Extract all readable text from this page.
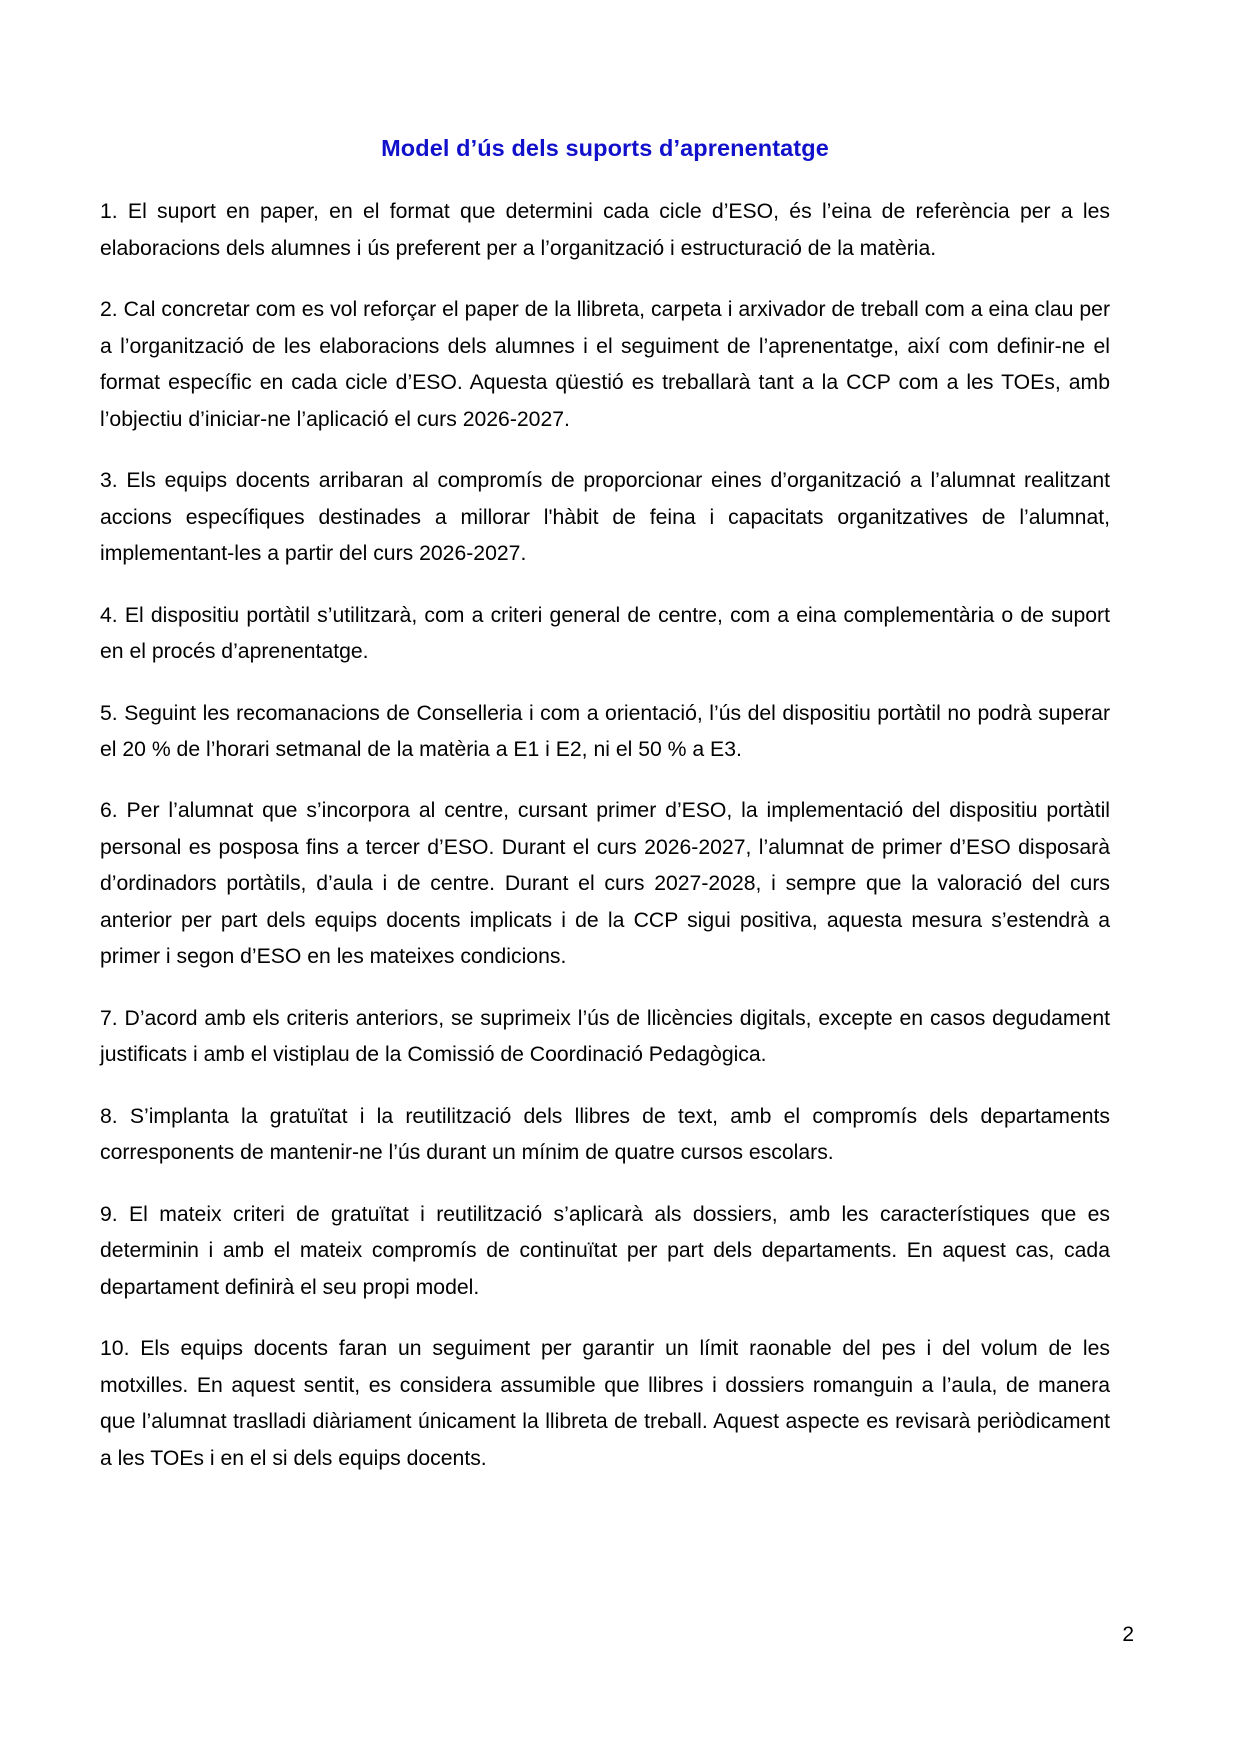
Model d’ús dels suports d’aprenentatge

1. El suport en paper, en el format que determini cada cicle d’ESO, és l’eina de referència per a les elaboracions dels alumnes i ús preferent per a l’organització i estructuració de la matèria.

2. Cal concretar com es vol reforçar el paper de la llibreta, carpeta i arxivador de treball com a eina clau per a l’organització de les elaboracions dels alumnes i el seguiment de l’aprenentatge, així com definir-ne el format específic en cada cicle d’ESO. Aquesta qüestió es treballarà tant a la CCP com a les TOEs, amb l’objectiu d’iniciar-ne l’aplicació el curs 2026-2027.

3. Els equips docents arribaran al compromís de proporcionar eines d’organització a l’alumnat realitzant accions específiques destinades a millorar l'hàbit de feina i capacitats organitzatives de l’alumnat, implementant-les a partir del curs 2026-2027.

4. El dispositiu portàtil s’utilitzarà, com a criteri general de centre, com a eina complementària o de suport en el procés d’aprenentatge.

5. Seguint les recomanacions de Conselleria i com a orientació, l’ús del dispositiu portàtil no podrà superar el 20 % de l’horari setmanal de la matèria a E1 i E2, ni el 50 % a E3.

6. Per l’alumnat que s’incorpora al centre, cursant primer d’ESO, la implementació del dispositiu portàtil personal es posposa fins a tercer d’ESO. Durant el curs 2026-2027, l’alumnat de primer d’ESO disposarà d’ordinadors portàtils, d’aula i de centre. Durant el curs 2027-2028, i sempre que la valoració del curs anterior per part dels equips docents implicats i de la CCP sigui positiva, aquesta mesura s’estendrà a primer i segon d’ESO en les mateixes condicions.

7. D’acord amb els criteris anteriors, se suprimeix l’ús de llicències digitals, excepte en casos degudament justificats i amb el vistiplau de la Comissió de Coordinació Pedagògica.

8. S’implanta la gratuïtat i la reutilització dels llibres de text, amb el compromís dels departaments corresponents de mantenir-ne l’ús durant un mínim de quatre cursos escolars.

9. El mateix criteri de gratuïtat i reutilització s’aplicarà als dossiers, amb les característiques que es determinin i amb el mateix compromís de continuïtat per part dels departaments. En aquest cas, cada departament definirà el seu propi model.

10. Els equips docents faran un seguiment per garantir un límit raonable del pes i del volum de les motxilles. En aquest sentit, es considera assumible que llibres i dossiers romanguin a l’aula, de manera que l’alumnat traslladi diàriament únicament la llibreta de treball. Aquest aspecte es revisarà periòdicament a les TOEs i en el si dels equips docents.

2
